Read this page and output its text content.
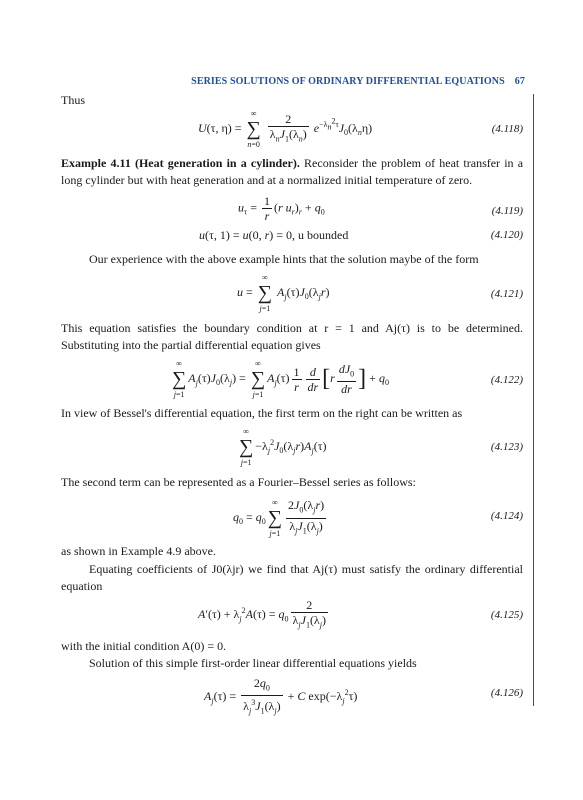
SERIES SOLUTIONS OF ORDINARY DIFFERENTIAL EQUATIONS 67
Thus
U(τ, η) =
∞
∑
n=0
$\frac{2}{\lambda_nJ_1(\lambda_n)} e^{-\lambda_n^2\tau}J_0(\lambda_n\eta)$	(4.118)
Example 4.11 (Heat generation in a cylinder). Reconsider the problem of heat transfer in a long cylinder but with heat generation and at a normalized initial temperature of zero.
$u_\tau = \frac{1}{r} (r$ $u_r)_r + q_0$	(4.119)
u(τ, 1) = u(0, r) = 0, u bounded	(4.120)
Our experience with the above example hints that the solution maybe of the form
u =
∞
∑
j=1
$A_j(\tau)J_0(\lambda_jr)$	(4.121)
This equation satisfies the boundary condition at r = 1 and Aj(τ) is to be determined. Substituting into the partial differential equation gives
∞
∑
j=1
$A_j(\tau)J_0(\lambda_j)$ =
∞
∑
j=1
$A_j(\tau) \frac{1}{r} \frac{d}{dr} [r \frac{dJ_0}{dr}$ ] + $q_0$	(4.122)
In view of Bessel's differential equation, the first term on the right can be written as
∞
∑
j=1
$-\lambda_j^2J_0(\lambda_jr)A_j(\tau)$	(4.123)
The second term can be represented as a Fourier–Bessel series as follows:
$q_0 = q_0$
∞
∑
$j=1 \frac{2J_0(\lambda_jr)}{\lambda_jJ_1(\lambda_j)}$	(4.124)
as shown in Example 4.9 above.
Equating coefficients of J0(λjr) we find that Aj(τ) must satisfy the ordinary differential equation
$A'(\tau) + \lambda_j^2A(\tau) = q_0 \frac{2}{\lambda_jJ_1(\lambda_j)}$	(4.125)
with the initial condition A(0) = 0.
Solution of this simple first-order linear differential equations yields
$A_j(\tau) = \frac{2q_0}{\lambda_j^3J_1(\lambda_j)} + C$ $\exp(-\lambda_j^2\tau)$	(4.126)
